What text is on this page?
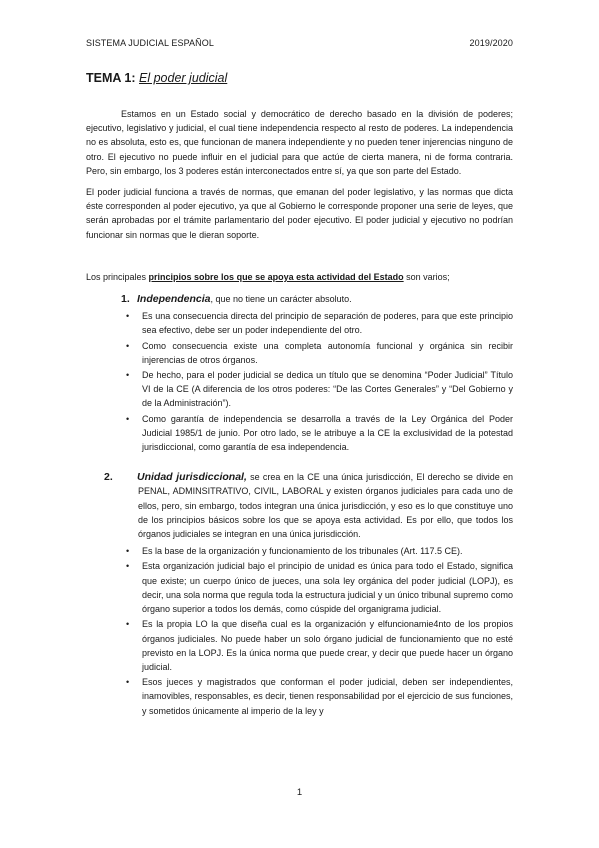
SISTEMA JUDICIAL ESPAÑOL	2019/2020
TEMA 1: El poder judicial

Estamos en un Estado social y democrático de derecho basado en la división de poderes; ejecutivo, legislativo y judicial, el cual tiene independencia respecto al resto de poderes. La independencia no es absoluta, esto es, que funcionan de manera independiente y no pueden tener injerencias ninguno de otro. El ejecutivo no puede influir en el judicial para que actúe de cierta manera, ni de forma contraria. Pero, sin embargo, los 3 poderes están interconectados entre sí, ya que son parte del Estado.

El poder judicial funciona a través de normas, que emanan del poder legislativo, y las normas que dicta éste corresponden al poder ejecutivo, ya que al Gobierno le corresponde proponer una serie de leyes, que serán aprobadas por el trámite parlamentario del poder ejecutivo. El poder judicial y ejecutivo no podrían funcionar sin normas que le dieran soporte.

Los principales principios sobre los que se apoya esta actividad del Estado son varios;

1. Independencia, que no tiene un carácter absoluto.

• Es una consecuencia directa del principio de separación de poderes, para que este principio sea efectivo, debe ser un poder independiente del otro.
• Como consecuencia existe una completa autonomía funcional y orgánica sin recibir injerencias de otros órganos.
• De hecho, para el poder judicial se dedica un título que se denomina “Poder Judicial” Título VI de la CE (A diferencia de los otros poderes: “De las Cortes Generales” y “Del Gobierno y de la Administración”).
• Como garantía de independencia se desarrolla a través de la Ley Orgánica del Poder Judicial 1985/1 de junio. Por otro lado, se le atribuye a la CE la exclusividad de la potestad jurisdiccional, como garantía de esa independencia.

2. Unidad jurisdiccional, se crea en la CE una única jurisdicción, El derecho se divide en PENAL, ADMINSITRATIVO, CIVIL, LABORAL y existen órganos judiciales para cada uno de ellos, pero, sin embargo, todos integran una única jurisdicción, y eso es lo que constituye uno de los principios básicos sobre los que se apoya esta actividad. Es por ello, que todos los órganos judiciales se integran en una única jurisdicción.

• Es la base de la organización y funcionamiento de los tribunales (Art. 117.5 CE).
• Esta organización judicial bajo el principio de unidad es única para todo el Estado, significa que existe; un cuerpo único de jueces, una sola ley orgánica del poder judicial (LOPJ), es decir, una sola norma que regula toda la estructura judicial y un único tribunal supremo como órgano superior a todos los demás, como cúspide del organigrama judicial.
• Es la propia LO la que diseña cual es la organización y elfuncionamie4nto de los propios órganos judiciales. No puede haber un solo órgano judicial de funcionamiento que no esté previsto en la LOPJ. Es la única norma que puede crear, y decir que puede hacer un órgano judicial.
• Esos jueces y magistrados que conforman el poder judicial, deben ser independientes, inamovibles, responsables, es decir, tienen responsabilidad por el ejercicio de sus funciones, y sometidos únicamente al imperio de la ley y
1
